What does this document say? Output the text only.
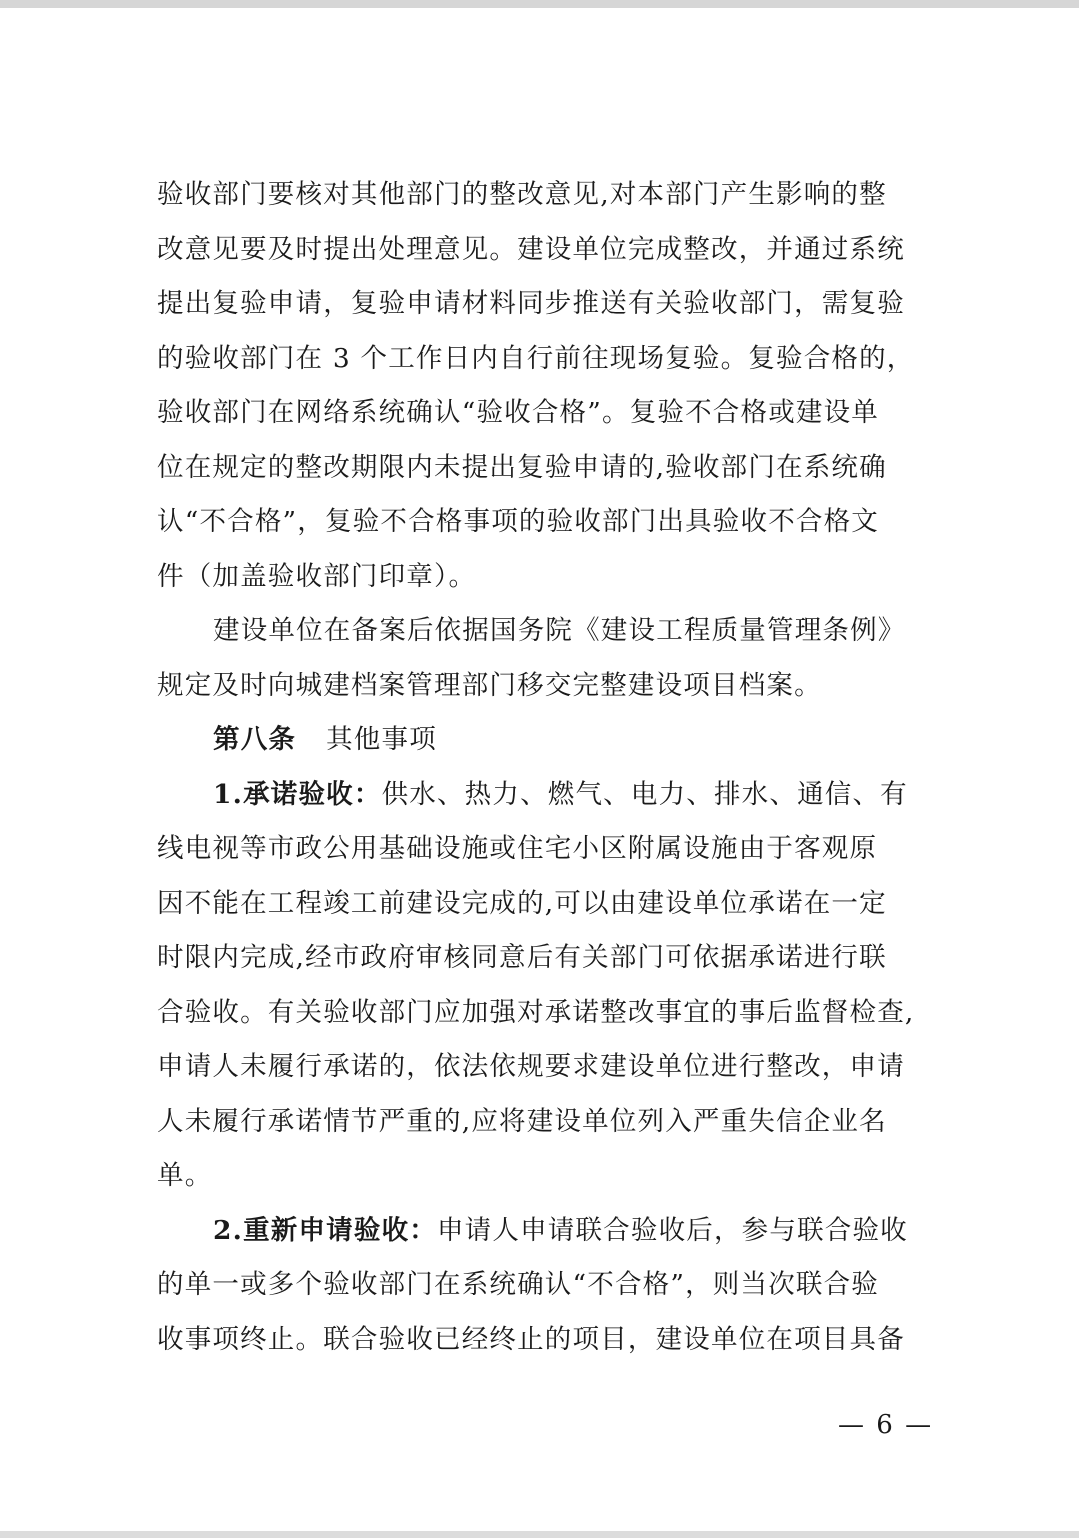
验收部门要核对其他部门的整改意见,对本部门产生影响的整
改意见要及时提出处理意见。建设单位完成整改，并通过系统
提出复验申请，复验申请材料同步推送有关验收部门，需复验
的验收部门在 3 个工作日内自行前往现场复验。复验合格的，
验收部门在网络系统确认“验收合格”。复验不合格或建设单
位在规定的整改期限内未提出复验申请的,验收部门在系统确
认“不合格”，复验不合格事项的验收部门出具验收不合格文
件（加盖验收部门印章）。
建设单位在备案后依据国务院《建设工程质量管理条例》
规定及时向城建档案管理部门移交完整建设项目档案。
第八条 其他事项
1.承诺验收：供水、热力、燃气、电力、排水、通信、有
线电视等市政公用基础设施或住宅小区附属设施由于客观原
因不能在工程竣工前建设完成的,可以由建设单位承诺在一定
时限内完成,经市政府审核同意后有关部门可依据承诺进行联
合验收。有关验收部门应加强对承诺整改事宜的事后监督检查,
申请人未履行承诺的，依法依规要求建设单位进行整改，申请
人未履行承诺情节严重的,应将建设单位列入严重失信企业名
单。
2.重新申请验收：申请人申请联合验收后，参与联合验收
的单一或多个验收部门在系统确认“不合格”，则当次联合验
收事项终止。联合验收已经终止的项目，建设单位在项目具备
— 6 —
